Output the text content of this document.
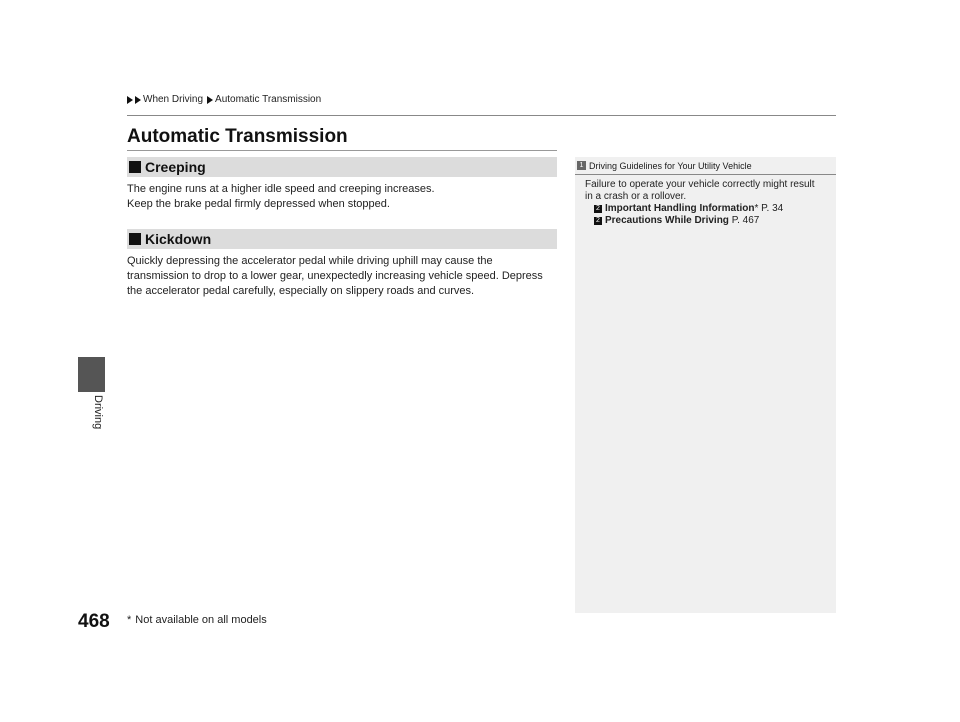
When Driving Automatic Transmission
Driving
Automatic Transmission
Creeping

The engine runs at a higher idle speed and creeping increases.

Keep the brake pedal firmly depressed when stopped.

Kickdown

Quickly depressing the accelerator pedal while driving uphill may cause the

transmission to drop to a lower gear, unexpectedly increasing vehicle speed. Depress

the accelerator pedal carefully, especially on slippery roads and curves.

1 Driving Guidelines for Your Utility Vehicle
Failure to operate your vehicle correctly might result
in a crash or a rollover.
2 Important Handling Information* P. 34
2 Precautions While Driving P. 467
468 * Not available on all models
